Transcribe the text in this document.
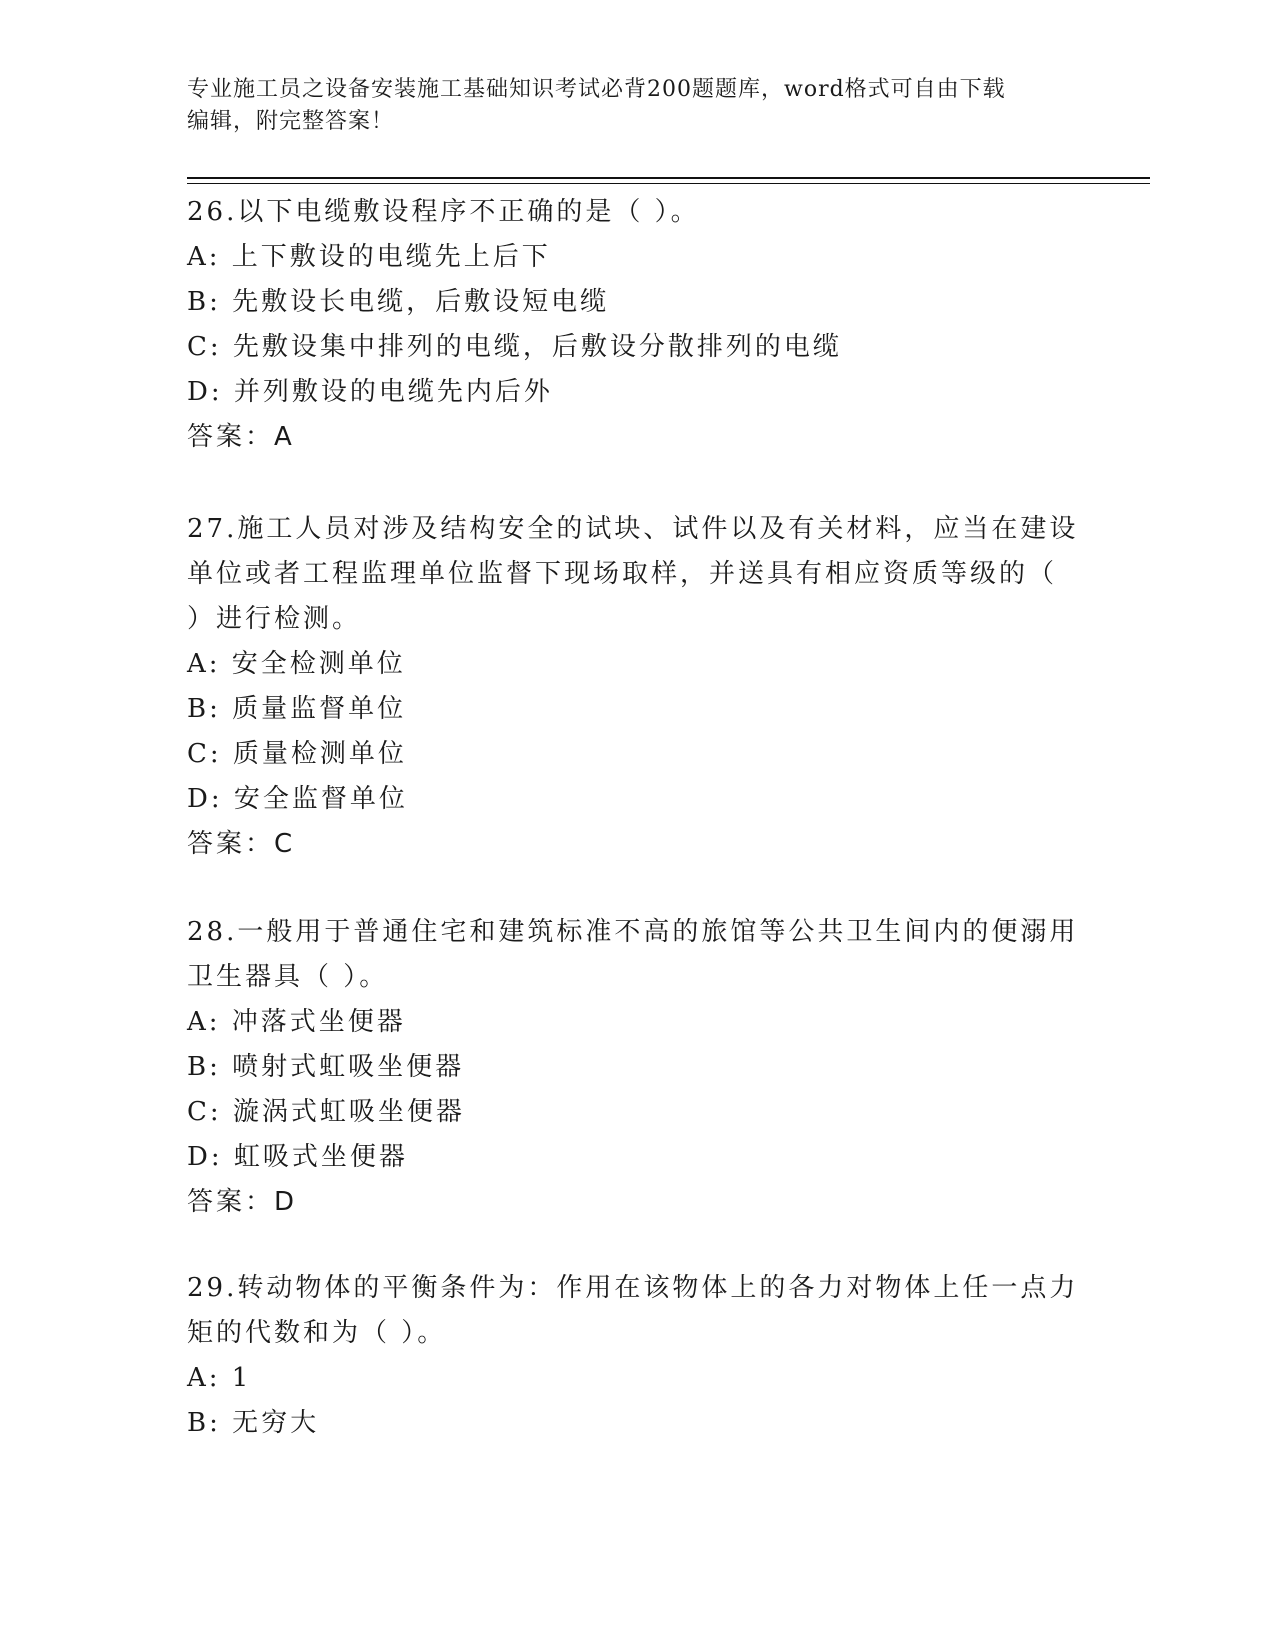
专业施工员之设备安装施工基础知识考试必背200题题库，word格式可自由下载
编辑，附完整答案！

26.以下电缆敷设程序不正确的是（ ）。

A: 上下敷设的电缆先上后下

B: 先敷设长电缆，后敷设短电缆

C: 先敷设集中排列的电缆，后敷设分散排列的电缆

D: 并列敷设的电缆先内后外

答案：A

27.施工人员对涉及结构安全的试块、试件以及有关材料，应当在建设

单位或者工程监理单位监督下现场取样，并送具有相应资质等级的（

）进行检测。

A: 安全检测单位

B: 质量监督单位

C: 质量检测单位

D: 安全监督单位

答案：C

28.一般用于普通住宅和建筑标准不高的旅馆等公共卫生间内的便溺用

卫生器具（ ）。

A: 冲落式坐便器

B: 喷射式虹吸坐便器

C: 漩涡式虹吸坐便器

D: 虹吸式坐便器

答案：D

29.转动物体的平衡条件为：作用在该物体上的各力对物体上任一点力

矩的代数和为（ ）。

A: 1

B: 无穷大
